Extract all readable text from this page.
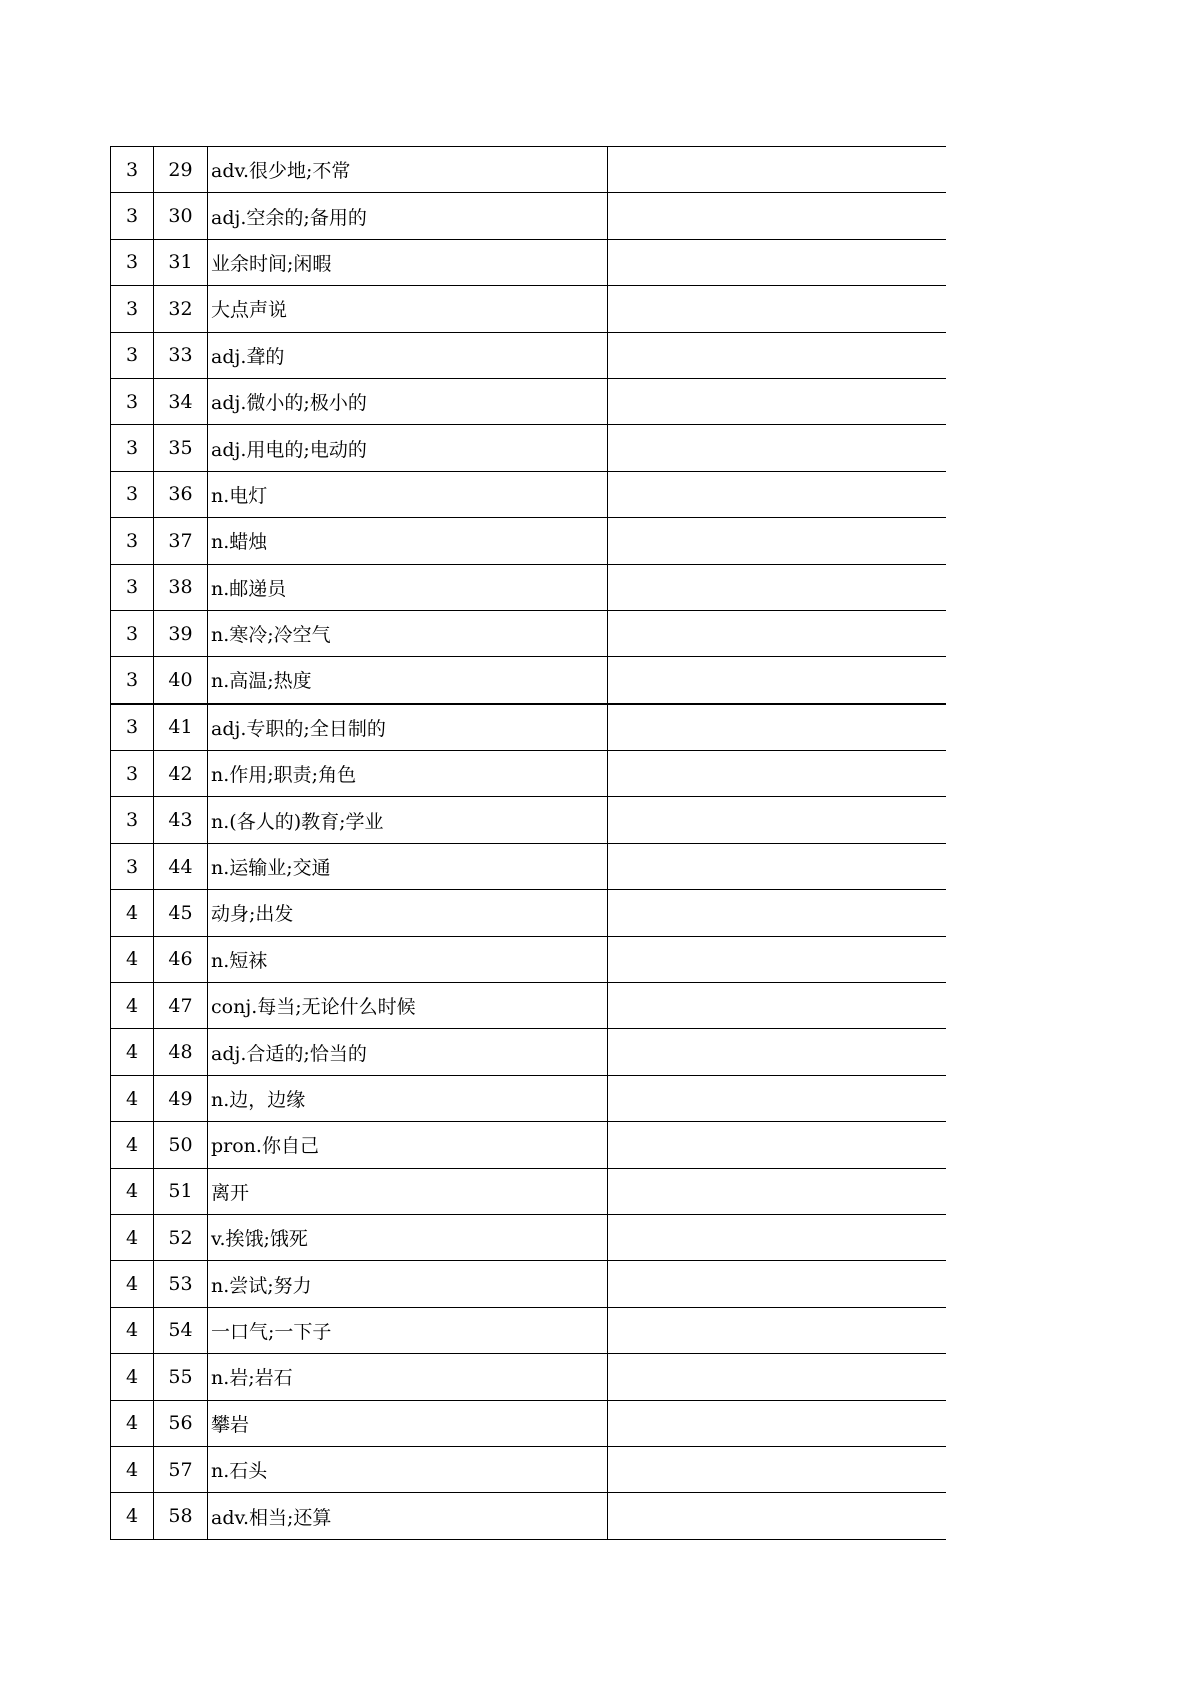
3	29	adv.很少地;不常	
3	30	adj.空余的;备用的	
3	31	业余时间;闲暇	
3	32	大点声说	
3	33	adj.聋的	
3	34	adj.微小的;极小的	
3	35	adj.用电的;电动的	
3	36	n.电灯	
3	37	n.蜡烛	
3	38	n.邮递员	
3	39	n.寒冷;冷空气	
3	40	n.高温;热度	
3	41	adj.专职的;全日制的	
3	42	n.作用;职责;角色	
3	43	n.(各人的)教育;学业	
3	44	n.运输业;交通	
4	45	动身;出发	
4	46	n.短袜	
4	47	conj.每当;无论什么时候	
4	48	adj.合适的;恰当的	
4	49	n.边，边缘	
4	50	pron.你自己	
4	51	离开	
4	52	v.挨饿;饿死	
4	53	n.尝试;努力	
4	54	一口气;一下子	
4	55	n.岩;岩石	
4	56	攀岩	
4	57	n.石头	
4	58	adv.相当;还算	
